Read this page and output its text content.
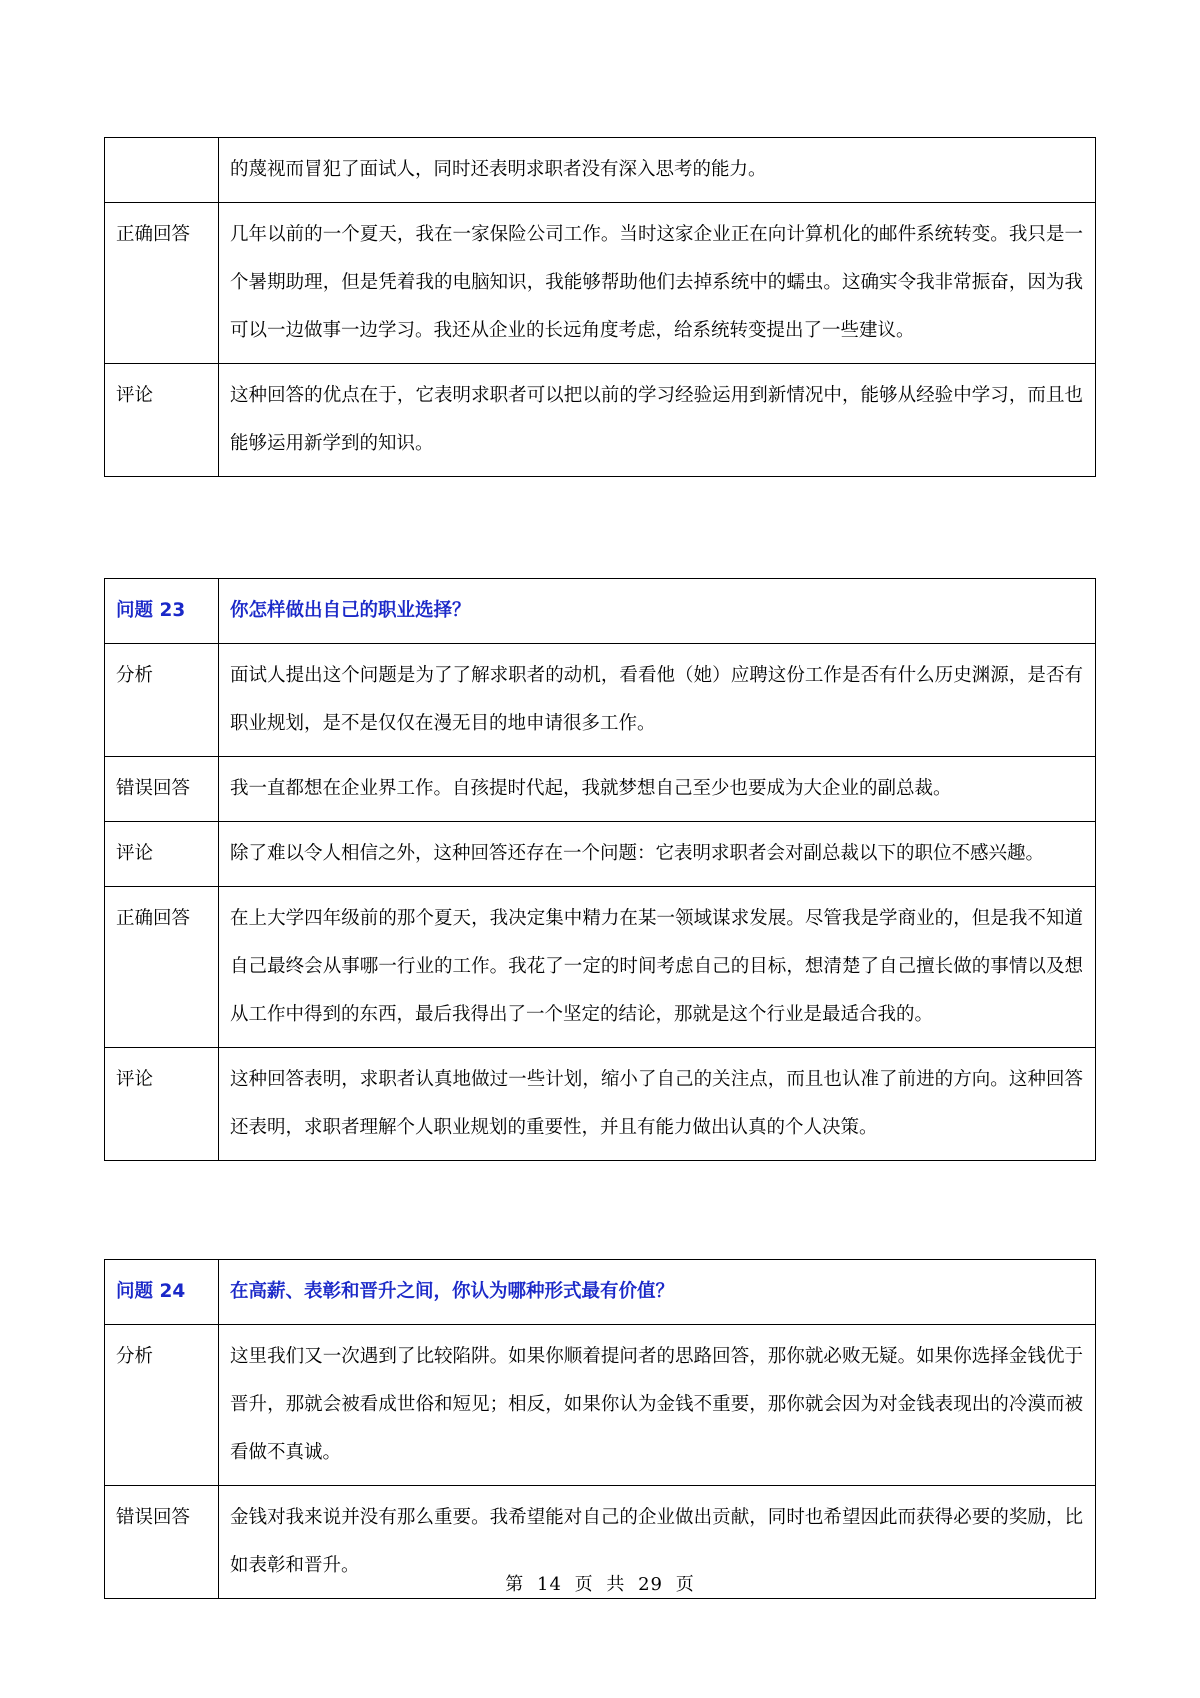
	的蔑视而冒犯了面试人，同时还表明求职者没有深入思考的能力。
正确回答	几年以前的一个夏天，我在一家保险公司工作。当时这家企业正在向计算机化的邮件系统转变。我只是一个暑期助理，但是凭着我的电脑知识，我能够帮助他们去掉系统中的蠕虫。这确实令我非常振奋，因为我可以一边做事一边学习。我还从企业的长远角度考虑，给系统转变提出了一些建议。
评论	这种回答的优点在于，它表明求职者可以把以前的学习经验运用到新情况中，能够从经验中学习，而且也能够运用新学到的知识。
问题 23	你怎样做出自己的职业选择？
分析	面试人提出这个问题是为了了解求职者的动机，看看他（她）应聘这份工作是否有什么历史渊源，是否有职业规划，是不是仅仅在漫无目的地申请很多工作。
错误回答	我一直都想在企业界工作。自孩提时代起，我就梦想自己至少也要成为大企业的副总裁。
评论	除了难以令人相信之外，这种回答还存在一个问题：它表明求职者会对副总裁以下的职位不感兴趣。
正确回答	在上大学四年级前的那个夏天，我决定集中精力在某一领域谋求发展。尽管我是学商业的，但是我不知道自己最终会从事哪一行业的工作。我花了一定的时间考虑自己的目标，想清楚了自己擅长做的事情以及想从工作中得到的东西，最后我得出了一个坚定的结论，那就是这个行业是最适合我的。
评论	这种回答表明，求职者认真地做过一些计划，缩小了自己的关注点，而且也认准了前进的方向。这种回答还表明，求职者理解个人职业规划的重要性，并且有能力做出认真的个人决策。
问题 24	在高薪、表彰和晋升之间，你认为哪种形式最有价值？
分析	这里我们又一次遇到了比较陷阱。如果你顺着提问者的思路回答，那你就必败无疑。如果你选择金钱优于晋升，那就会被看成世俗和短见；相反，如果你认为金钱不重要，那你就会因为对金钱表现出的冷漠而被看做不真诚。
错误回答	金钱对我来说并没有那么重要。我希望能对自己的企业做出贡献，同时也希望因此而获得必要的奖励，比如表彰和晋升。
第 14 页 共 29 页
